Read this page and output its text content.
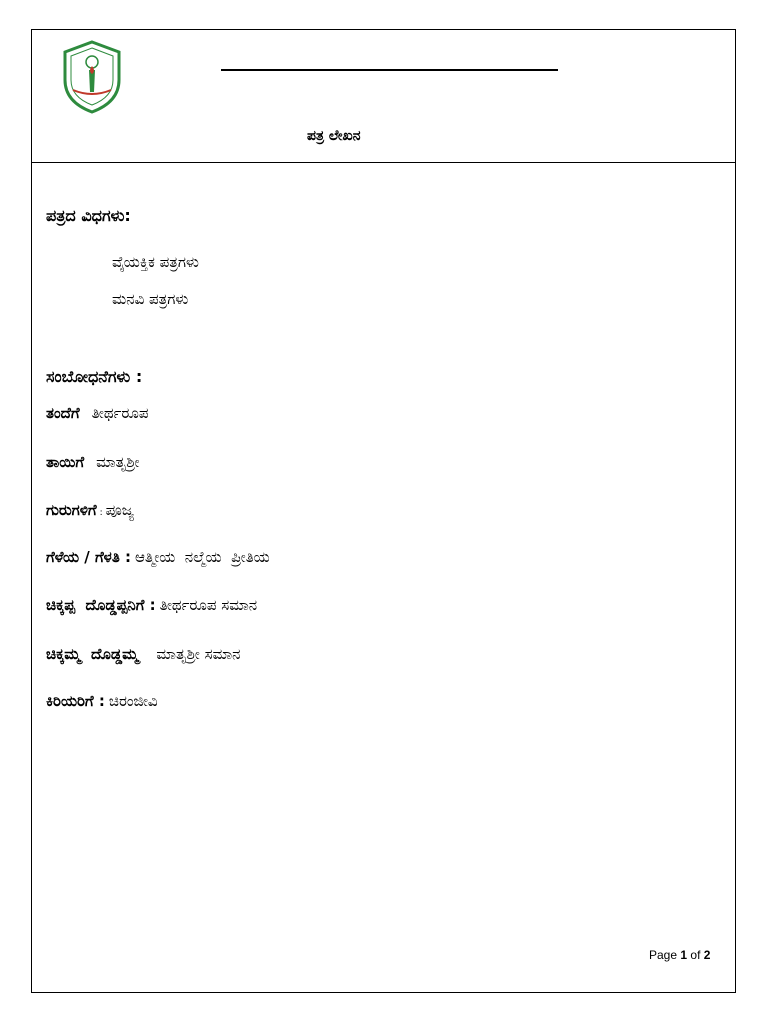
ಪತ್ರ ಲೇಖನ
ಪತ್ರದ ವಿಧಗಳು:
ವೈಯಕ್ತಿಕ ಪತ್ರಗಳು
ಮನವಿ ಪತ್ರಗಳು
ಸಂಬೋಧನೆಗಳು :
ತಂದೆಗೆ ತೀರ್ಥರೂಪ
ತಾಯಿಗೆ ಮಾತೃಶ್ರೀ
ಗುರುಗಳಿಗೆ : ಪೂಜ್ಯ
ಗೆಳೆಯ / ಗೆಳತಿ : ಆತ್ಮೀಯ  ನಲ್ಮೆಯ  ಪ್ರೀತಿಯ
ಚಿಕ್ಕಪ್ಪ  ದೊಡ್ಡಪ್ಪನಿಗೆ : ತೀರ್ಥರೂಪ ಸಮಾನ
ಚಿಕ್ಕಮ್ಮ  ದೊಡ್ಡಮ್ಮ ಮಾತೃಶ್ರೀ ಸಮಾನ
ಕಿರಿಯರಿಗೆ : ಚಿರಂಜೀವಿ
Page 1 of 2
